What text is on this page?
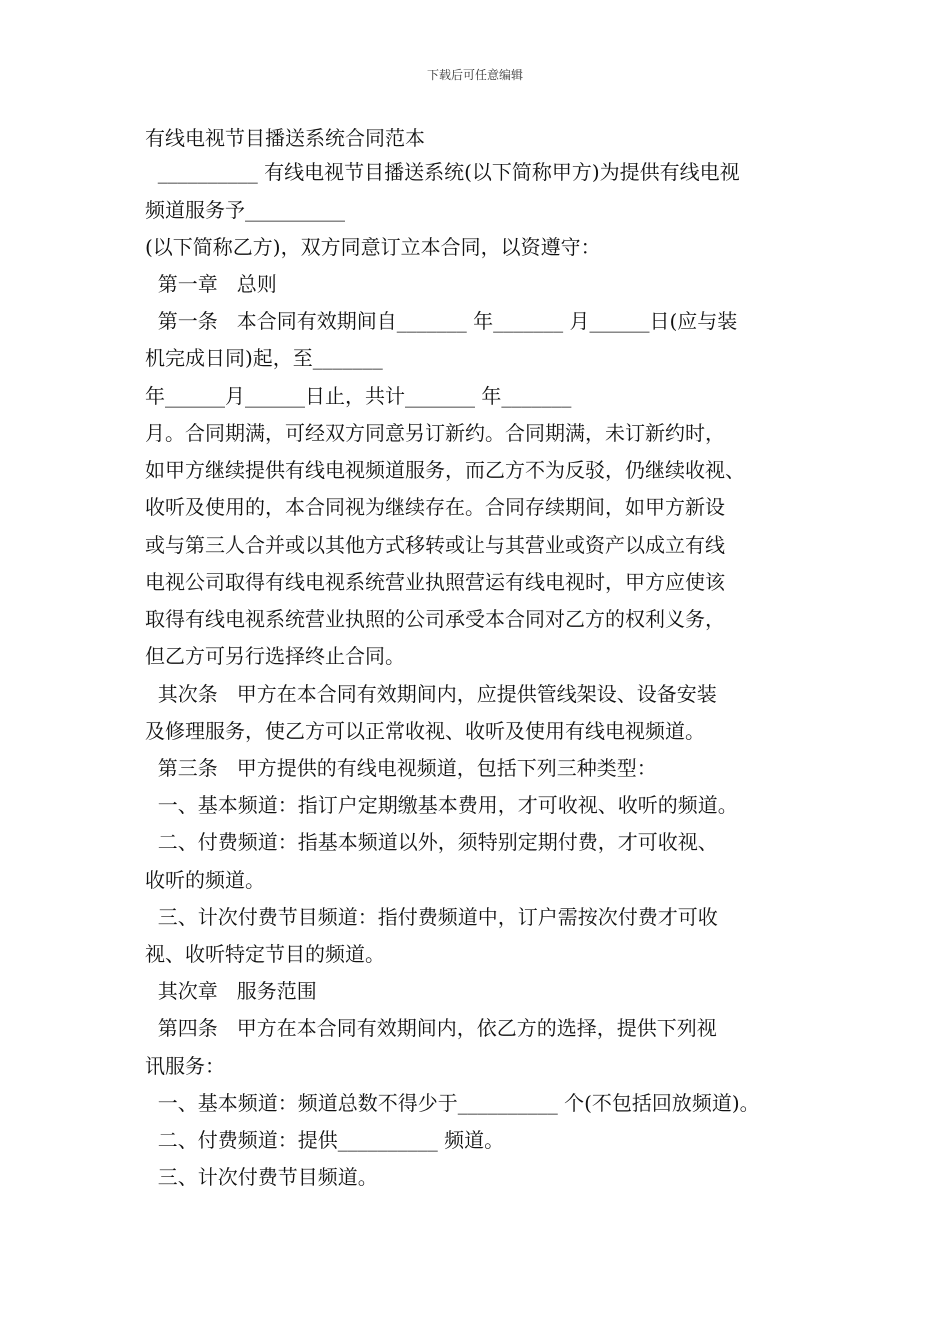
下载后可任意编辑
有线电视节目播送系统合同范本
__________ 有线电视节目播送系统(以下简称甲方)为提供有线电视
频道服务予__________
(以下简称乙方)，双方同意订立本合同，以资遵守：
第一章   总则
第一条   本合同有效期间自_______ 年_______ 月______日(应与装
机完成日同)起，至_______
年______月______日止，共计_______ 年_______
月。合同期满，可经双方同意另订新约。合同期满，未订新约时，
如甲方继续提供有线电视频道服务，而乙方不为反驳，仍继续收视、
收听及使用的，本合同视为继续存在。合同存续期间，如甲方新设
或与第三人合并或以其他方式移转或让与其营业或资产以成立有线
电视公司取得有线电视系统营业执照营运有线电视时，甲方应使该
取得有线电视系统营业执照的公司承受本合同对乙方的权利义务，
但乙方可另行选择终止合同。
其次条   甲方在本合同有效期间内，应提供管线架设、设备安装
及修理服务，使乙方可以正常收视、收听及使用有线电视频道。
第三条   甲方提供的有线电视频道，包括下列三种类型：
一、基本频道：指订户定期缴基本费用，才可收视、收听的频道。
二、付费频道：指基本频道以外，须特别定期付费，才可收视、
收听的频道。
三、计次付费节目频道：指付费频道中，订户需按次付费才可收
视、收听特定节目的频道。
其次章   服务范围
第四条   甲方在本合同有效期间内，依乙方的选择，提供下列视
讯服务：
一、基本频道：频道总数不得少于__________ 个(不包括回放频道)。
二、付费频道：提供__________ 频道。
三、计次付费节目频道。
